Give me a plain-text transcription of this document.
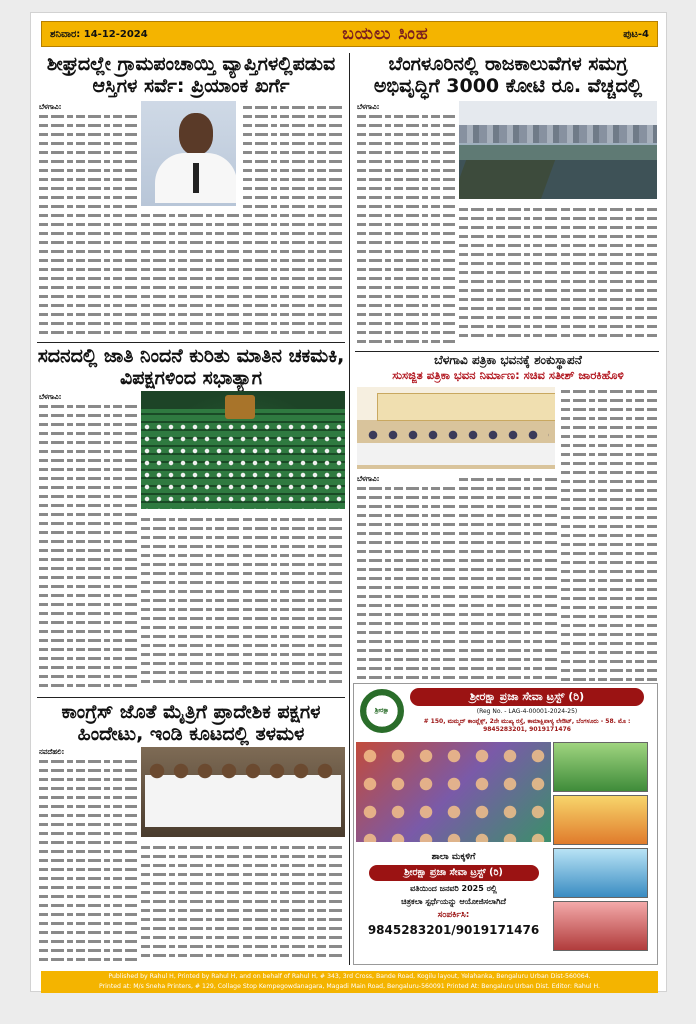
ಶನಿವಾರ: 14-12-2024	ಬಯಲು ಸಿಂಹ	ಪುಟ-4
ಶೀಘ್ರದಲ್ಲೇ ಗ್ರಾಮಪಂಚಾಯ್ತಿ ವ್ಯಾಪ್ತಿಗಳಲ್ಲಿಪಡುವ ಆಸ್ತಿಗಳ ಸರ್ವೆ: ಪ್ರಿಯಾಂಕ ಖರ್ಗೆ
ಬೆಳಗಾವಿ:
ಸದನದಲ್ಲಿ ಜಾತಿ ನಿಂದನೆ ಕುರಿತು ಮಾತಿನ ಚಕಮಕಿ, ವಿಪಕ್ಷಗಳಿಂದ ಸಭಾತ್ಯಾಗ
ಬೆಳಗಾವಿ:
ಕಾಂಗ್ರೆಸ್ ಜೊತೆ ಮೈತ್ರಿಗೆ ಪ್ರಾದೇಶಿಕ ಪಕ್ಷಗಳ ಹಿಂದೇಟು, ಇಂಡಿ ಕೂಟದಲ್ಲಿ ತಳಮಳ
ನವದೆಹಲಿ:
ಬೆಂಗಳೂರಿನಲ್ಲಿ ರಾಜಕಾಲುವೆಗಳ ಸಮಗ್ರ ಅಭಿವೃದ್ಧಿಗೆ 3000 ಕೋಟಿ ರೂ. ವೆಚ್ಚದಲ್ಲಿ
ಬೆಳಗಾವಿ:
ಬೆಳಗಾವಿ ಪತ್ರಿಕಾ ಭವನಕ್ಕೆ ಶಂಕುಸ್ಥಾಪನೆ
ಸುಸಜ್ಜಿತ ಪತ್ರಿಕಾ ಭವನ ನಿರ್ಮಾಣ: ಸಚಿವ ಸತೀಶ್ ಜಾರಕಿಹೊಳಿ
ಬೆಳಗಾವಿ:
ಶ್ರೀರಕ್ಷಾ
ಶ್ರೀರಕ್ಷಾ ಪ್ರಜಾ ಸೇವಾ ಟ್ರಸ್ಟ್ (ರಿ)
(Reg No. - LAG-4-00001-2024-25)
# 150, ಮಮ್ಮದ್ ಕಾಂಪ್ಲೆಕ್ಸ್, 2ನೇ ಮುಖ್ಯ ರಸ್ತೆ, ಕಾಮಾಕ್ಷಿಪಾಳ್ಯ ಲೇಔಟ್, ಬೆಂಗಳೂರು - 58. ಮೊ : 9845283201, 9019171476
ಶಾಲಾ ಮಕ್ಕಳಿಗೆ
ಶ್ರೀರಕ್ಷಾ ಪ್ರಜಾ ಸೇವಾ ಟ್ರಸ್ಟ್ (ರಿ)
ವತಿಯಿಂದ ಜನವರಿ 2025 ರಲ್ಲಿ
ಚಿತ್ರಕಲಾ ಸ್ಪರ್ಧೆಯನ್ನು ಆಯೋಜಿಸಲಾಗಿದೆ
ಸಂಪರ್ಕಿಸಿ:
9845283201/9019171476
Published by Rahul H, Printed by Rahul H, and on behalf of Rahul H, # 343, 3rd Cross, Bande Road, Kogilu layout, Yelahanka, Bengaluru Urban Dist-560064.
Printed at: M/s Sneha Printers, # 129, Collage Stop Kempegowdanagara, Magadi Main Road, Bengaluru-560091 Printed At: Bengaluru Urban Dist. Editor: Rahul H.
